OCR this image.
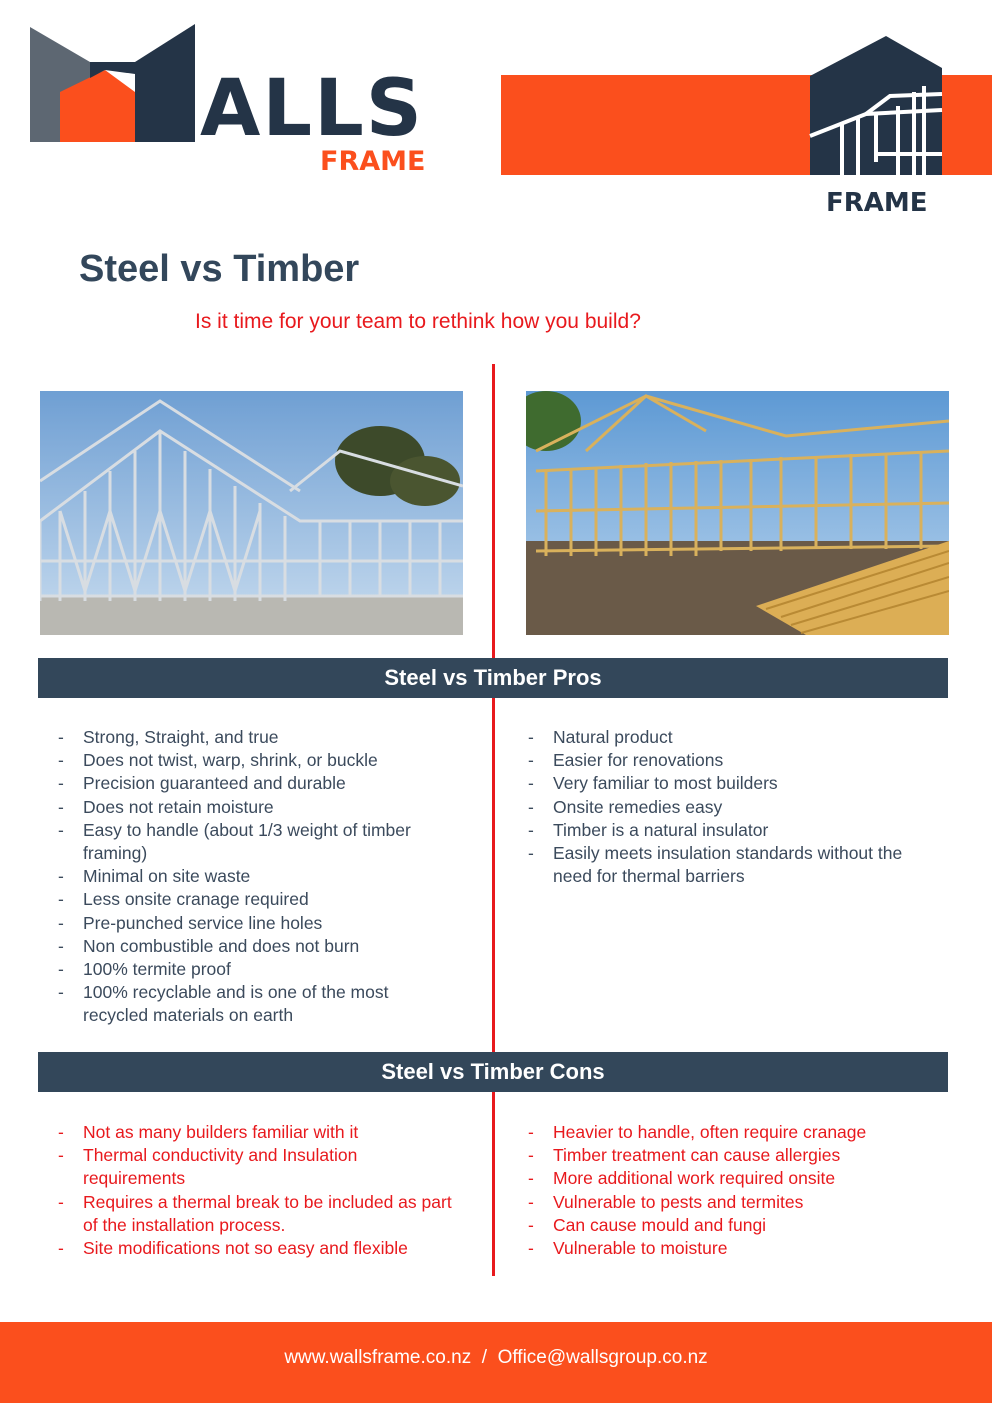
ALLS
FRAME
FRAME
Steel vs Timber
Is it time for your team to rethink how you build?
Steel vs Timber Pros
- Strong, Straight, and true
- Does not twist, warp, shrink, or buckle
- Precision guaranteed and durable
- Does not retain moisture
- Easy to handle (about 1/3 weight of timber framing)
- Minimal on site waste
- Less onsite cranage required
- Pre-punched service line holes
- Non combustible and does not burn
- 100% termite proof
- 100% recyclable and is one of the most recycled materials on earth
- Natural product
- Easier for renovations
- Very familiar to most builders
- Onsite remedies easy
- Timber is a natural insulator
- Easily meets insulation standards without the need for thermal barriers
Steel vs Timber Cons
- Not as many builders familiar with it
- Thermal conductivity and Insulation requirements
- Requires a thermal break to be included as part of the installation process.
- Site modifications not so easy and flexible
- Heavier to handle, often require cranage
- Timber treatment can cause allergies
- More additional work required onsite
- Vulnerable to pests and termites
- Can cause mould and fungi
- Vulnerable to moisture
www.wallsframe.co.nz  /  Office@wallsgroup.co.nz
